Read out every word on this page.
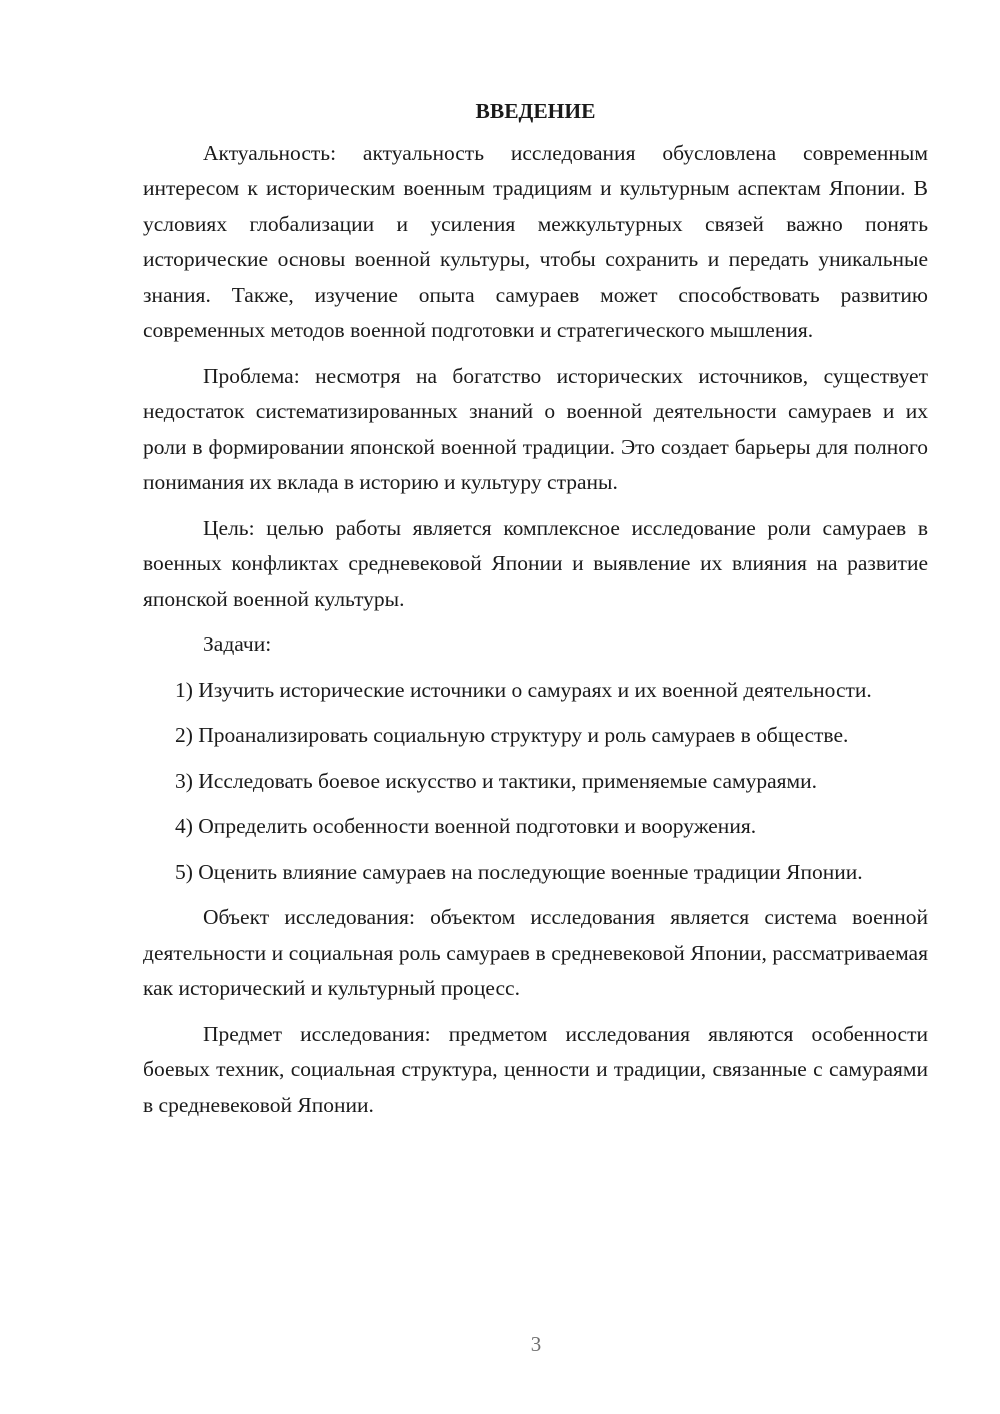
ВВЕДЕНИЕ

Актуальность: актуальность исследования обусловлена современным интересом к историческим военным традициям и культурным аспектам Японии. В условиях глобализации и усиления межкультурных связей важно понять исторические основы военной культуры, чтобы сохранить и передать уникальные знания. Также, изучение опыта самураев может способствовать развитию современных методов военной подготовки и стратегического мышления.

Проблема: несмотря на богатство исторических источников, существует недостаток систематизированных знаний о военной деятельности самураев и их роли в формировании японской военной традиции. Это создает барьеры для полного понимания их вклада в историю и культуру страны.

Цель: целью работы является комплексное исследование роли самураев в военных конфликтах средневековой Японии и выявление их влияния на развитие японской военной культуры.

Задачи:

1) Изучить исторические источники о самураях и их военной деятельности.

2) Проанализировать социальную структуру и роль самураев в обществе.

3) Исследовать боевое искусство и тактики, применяемые самураями.

4) Определить особенности военной подготовки и вооружения.

5) Оценить влияние самураев на последующие военные традиции Японии.

Объект исследования: объектом исследования является система военной деятельности и социальная роль самураев в средневековой Японии, рассматриваемая как исторический и культурный процесс.

Предмет исследования: предметом исследования являются особенности боевых техник, социальная структура, ценности и традиции, связанные с самураями в средневековой Японии.

3
